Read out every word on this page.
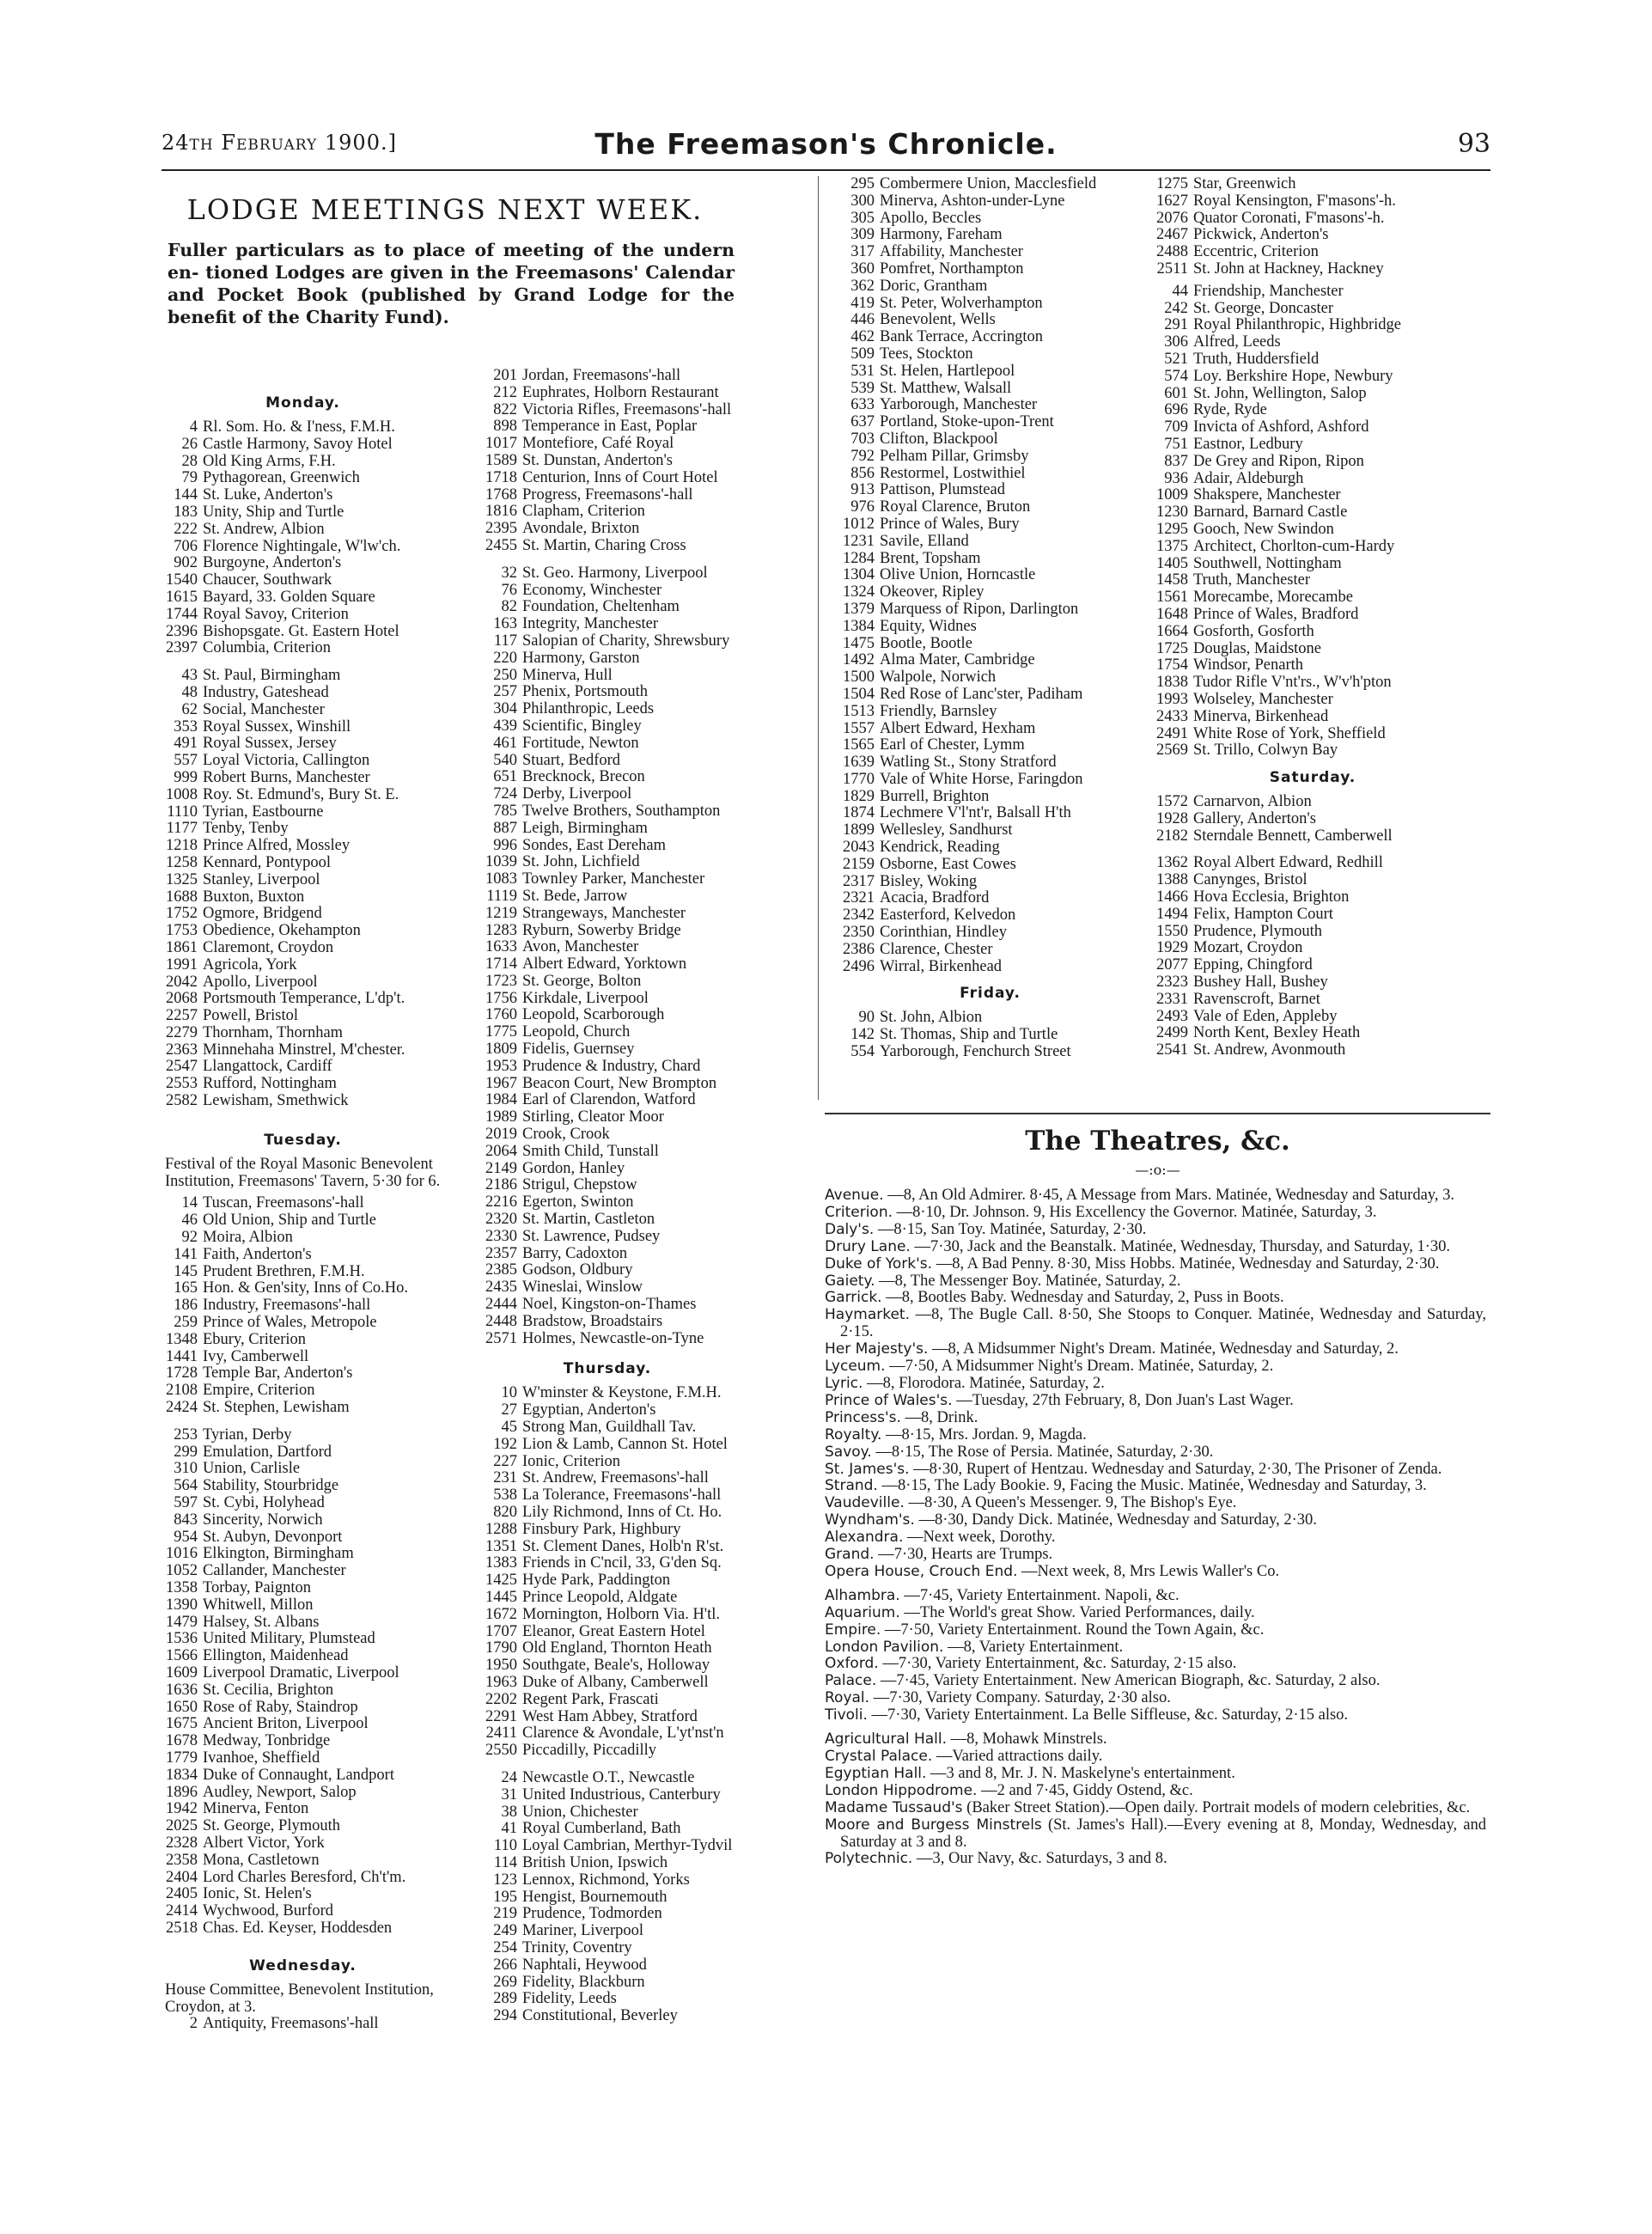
24th February 1900.]	The Freemason's Chronicle.	93
LODGE MEETINGS NEXT WEEK.
Fuller particulars as to place of meeting of the undern en- tioned Lodges are given in the Freemasons' Calendar and Pocket Book (published by Grand Lodge for the benefit of the Charity Fund).
Monday.
4 Rl. Som. Ho. & I'ness, F.M.H.
26 Castle Harmony, Savoy Hotel
28 Old King Arms, F.H.
79 Pythagorean, Greenwich
144 St. Luke, Anderton's
183 Unity, Ship and Turtle
222 St. Andrew, Albion
706 Florence Nightingale, W'lw'ch.
902 Burgoyne, Anderton's
1540 Chaucer, Southwark
1615 Bayard, 33. Golden Square
1744 Royal Savoy, Criterion
2396 Bishopsgate. Gt. Eastern Hotel
2397 Columbia, Criterion
43 St. Paul, Birmingham
48 Industry, Gateshead
62 Social, Manchester
353 Royal Sussex, Winshill
491 Royal Sussex, Jersey
557 Loyal Victoria, Callington
999 Robert Burns, Manchester
1008 Roy. St. Edmund's, Bury St. E.
1110 Tyrian, Eastbourne
1177 Tenby, Tenby
1218 Prince Alfred, Mossley
1258 Kennard, Pontypool
1325 Stanley, Liverpool
1688 Buxton, Buxton
1752 Ogmore, Bridgend
1753 Obedience, Okehampton
1861 Claremont, Croydon
1991 Agricola, York
2042 Apollo, Liverpool
2068 Portsmouth Temperance, L'dp't.
2257 Powell, Bristol
2279 Thornham, Thornham
2363 Minnehaha Minstrel, M'chester.
2547 Llangattock, Cardiff
2553 Rufford, Nottingham
2582 Lewisham, Smethwick
Tuesday.
Festival of the Royal Masonic Benevolent Institution, Freemasons' Tavern, 5·30 for 6.
14 Tuscan, Freemasons'-hall
46 Old Union, Ship and Turtle
92 Moira, Albion
141 Faith, Anderton's
145 Prudent Brethren, F.M.H.
165 Hon. & Gen'sity, Inns of Co.Ho.
186 Industry, Freemasons'-hall
259 Prince of Wales, Metropole
1348 Ebury, Criterion
1441 Ivy, Camberwell
1728 Temple Bar, Anderton's
2108 Empire, Criterion
2424 St. Stephen, Lewisham
253 Tyrian, Derby
299 Emulation, Dartford
310 Union, Carlisle
564 Stability, Stourbridge
597 St. Cybi, Holyhead
843 Sincerity, Norwich
954 St. Aubyn, Devonport
1016 Elkington, Birmingham
1052 Callander, Manchester
1358 Torbay, Paignton
1390 Whitwell, Millon
1479 Halsey, St. Albans
1536 United Military, Plumstead
1566 Ellington, Maidenhead
1609 Liverpool Dramatic, Liverpool
1636 St. Cecilia, Brighton
1650 Rose of Raby, Staindrop
1675 Ancient Briton, Liverpool
1678 Medway, Tonbridge
1779 Ivanhoe, Sheffield
1834 Duke of Connaught, Landport
1896 Audley, Newport, Salop
1942 Minerva, Fenton
2025 St. George, Plymouth
2328 Albert Victor, York
2358 Mona, Castletown
2404 Lord Charles Beresford, Ch't'm.
2405 Ionic, St. Helen's
2414 Wychwood, Burford
2518 Chas. Ed. Keyser, Hoddesden
Wednesday.
House Committee, Benevolent Institution, Croydon, at 3.
2 Antiquity, Freemasons'-hall
201 Jordan, Freemasons'-hall
212 Euphrates, Holborn Restaurant
822 Victoria Rifles, Freemasons'-hall
898 Temperance in East, Poplar
1017 Montefiore, Café Royal
1589 St. Dunstan, Anderton's
1718 Centurion, Inns of Court Hotel
1768 Progress, Freemasons'-hall
1816 Clapham, Criterion
2395 Avondale, Brixton
2455 St. Martin, Charing Cross
32 St. Geo. Harmony, Liverpool
76 Economy, Winchester
82 Foundation, Cheltenham
163 Integrity, Manchester
117 Salopian of Charity, Shrewsbury
220 Harmony, Garston
250 Minerva, Hull
257 Phenix, Portsmouth
304 Philanthropic, Leeds
439 Scientific, Bingley
461 Fortitude, Newton
540 Stuart, Bedford
651 Brecknock, Brecon
724 Derby, Liverpool
785 Twelve Brothers, Southampton
887 Leigh, Birmingham
996 Sondes, East Dereham
1039 St. John, Lichfield
1083 Townley Parker, Manchester
1119 St. Bede, Jarrow
1219 Strangeways, Manchester
1283 Ryburn, Sowerby Bridge
1633 Avon, Manchester
1714 Albert Edward, Yorktown
1723 St. George, Bolton
1756 Kirkdale, Liverpool
1760 Leopold, Scarborough
1775 Leopold, Church
1809 Fidelis, Guernsey
1953 Prudence & Industry, Chard
1967 Beacon Court, New Brompton
1984 Earl of Clarendon, Watford
1989 Stirling, Cleator Moor
2019 Crook, Crook
2064 Smith Child, Tunstall
2149 Gordon, Hanley
2186 Strigul, Chepstow
2216 Egerton, Swinton
2320 St. Martin, Castleton
2330 St. Lawrence, Pudsey
2357 Barry, Cadoxton
2385 Godson, Oldbury
2435 Wineslai, Winslow
2444 Noel, Kingston-on-Thames
2448 Bradstow, Broadstairs
2571 Holmes, Newcastle-on-Tyne
Thursday.
10 W'minster & Keystone, F.M.H.
27 Egyptian, Anderton's
45 Strong Man, Guildhall Tav.
192 Lion & Lamb, Cannon St. Hotel
227 Ionic, Criterion
231 St. Andrew, Freemasons'-hall
538 La Tolerance, Freemasons'-hall
820 Lily Richmond, Inns of Ct. Ho.
1288 Finsbury Park, Highbury
1351 St. Clement Danes, Holb'n R'st.
1383 Friends in C'ncil, 33, G'den Sq.
1425 Hyde Park, Paddington
1445 Prince Leopold, Aldgate
1672 Mornington, Holborn Via. H'tl.
1707 Eleanor, Great Eastern Hotel
1790 Old England, Thornton Heath
1950 Southgate, Beale's, Holloway
1963 Duke of Albany, Camberwell
2202 Regent Park, Frascati
2291 West Ham Abbey, Stratford
2411 Clarence & Avondale, L'yt'nst'n
2550 Piccadilly, Piccadilly
24 Newcastle O.T., Newcastle
31 United Industrious, Canterbury
38 Union, Chichester
41 Royal Cumberland, Bath
110 Loyal Cambrian, Merthyr-Tydvil
114 British Union, Ipswich
123 Lennox, Richmond, Yorks
195 Hengist, Bournemouth
219 Prudence, Todmorden
249 Mariner, Liverpool
254 Trinity, Coventry
266 Naphtali, Heywood
269 Fidelity, Blackburn
289 Fidelity, Leeds
294 Constitutional, Beverley
295 Combermere Union, Macclesfield
300 Minerva, Ashton-under-Lyne
305 Apollo, Beccles
309 Harmony, Fareham
317 Affability, Manchester
360 Pomfret, Northampton
362 Doric, Grantham
419 St. Peter, Wolverhampton
446 Benevolent, Wells
462 Bank Terrace, Accrington
509 Tees, Stockton
531 St. Helen, Hartlepool
539 St. Matthew, Walsall
633 Yarborough, Manchester
637 Portland, Stoke-upon-Trent
703 Clifton, Blackpool
792 Pelham Pillar, Grimsby
856 Restormel, Lostwithiel
913 Pattison, Plumstead
976 Royal Clarence, Bruton
1012 Prince of Wales, Bury
1231 Savile, Elland
1284 Brent, Topsham
1304 Olive Union, Horncastle
1324 Okeover, Ripley
1379 Marquess of Ripon, Darlington
1384 Equity, Widnes
1475 Bootle, Bootle
1492 Alma Mater, Cambridge
1500 Walpole, Norwich
1504 Red Rose of Lanc'ster, Padiham
1513 Friendly, Barnsley
1557 Albert Edward, Hexham
1565 Earl of Chester, Lymm
1639 Watling St., Stony Stratford
1770 Vale of White Horse, Faringdon
1829 Burrell, Brighton
1874 Lechmere V'l'nt'r, Balsall H'th
1899 Wellesley, Sandhurst
2043 Kendrick, Reading
2159 Osborne, East Cowes
2317 Bisley, Woking
2321 Acacia, Bradford
2342 Easterford, Kelvedon
2350 Corinthian, Hindley
2386 Clarence, Chester
2496 Wirral, Birkenhead
Friday.
90 St. John, Albion
142 St. Thomas, Ship and Turtle
554 Yarborough, Fenchurch Street
1275 Star, Greenwich
1627 Royal Kensington, F'masons'-h.
2076 Quator Coronati, F'masons'-h.
2467 Pickwick, Anderton's
2488 Eccentric, Criterion
2511 St. John at Hackney, Hackney
44 Friendship, Manchester
242 St. George, Doncaster
291 Royal Philanthropic, Highbridge
306 Alfred, Leeds
521 Truth, Huddersfield
574 Loy. Berkshire Hope, Newbury
601 St. John, Wellington, Salop
696 Ryde, Ryde
709 Invicta of Ashford, Ashford
751 Eastnor, Ledbury
837 De Grey and Ripon, Ripon
936 Adair, Aldeburgh
1009 Shakspere, Manchester
1230 Barnard, Barnard Castle
1295 Gooch, New Swindon
1375 Architect, Chorlton-cum-Hardy
1405 Southwell, Nottingham
1458 Truth, Manchester
1561 Morecambe, Morecambe
1648 Prince of Wales, Bradford
1664 Gosforth, Gosforth
1725 Douglas, Maidstone
1754 Windsor, Penarth
1838 Tudor Rifle V'nt'rs., W'v'h'pton
1993 Wolseley, Manchester
2433 Minerva, Birkenhead
2491 White Rose of York, Sheffield
2569 St. Trillo, Colwyn Bay
Saturday.
1572 Carnarvon, Albion
1928 Gallery, Anderton's
2182 Sterndale Bennett, Camberwell
1362 Royal Albert Edward, Redhill
1388 Canynges, Bristol
1466 Hova Ecclesia, Brighton
1494 Felix, Hampton Court
1550 Prudence, Plymouth
1929 Mozart, Croydon
2077 Epping, Chingford
2323 Bushey Hall, Bushey
2331 Ravenscroft, Barnet
2493 Vale of Eden, Appleby
2499 North Kent, Bexley Heath
2541 St. Andrew, Avonmouth
The Theatres, &c.
—:o:—
Avenue. —8, An Old Admirer. 8·45, A Message from Mars. Matinée, Wednesday and Saturday, 3.
Criterion. —8·10, Dr. Johnson. 9, His Excellency the Governor. Matinée, Saturday, 3.
Daly's. —8·15, San Toy. Matinée, Saturday, 2·30.
Drury Lane. —7·30, Jack and the Beanstalk. Matinée, Wednesday, Thursday, and Saturday, 1·30.
Duke of York's. —8, A Bad Penny. 8·30, Miss Hobbs. Matinée, Wednesday and Saturday, 2·30.
Gaiety. —8, The Messenger Boy. Matinée, Saturday, 2.
Garrick. —8, Bootles Baby. Wednesday and Saturday, 2, Puss in Boots.
Haymarket. —8, The Bugle Call. 8·50, She Stoops to Conquer. Matinée, Wednesday and Saturday, 2·15.
Her Majesty's. —8, A Midsummer Night's Dream. Matinée, Wednesday and Saturday, 2.
Lyceum. —7·50, A Midsummer Night's Dream. Matinée, Saturday, 2.
Lyric. —8, Florodora. Matinée, Saturday, 2.
Prince of Wales's. —Tuesday, 27th February, 8, Don Juan's Last Wager.
Princess's. —8, Drink.
Royalty. —8·15, Mrs. Jordan. 9, Magda.
Savoy. —8·15, The Rose of Persia. Matinée, Saturday, 2·30.
St. James's. —8·30, Rupert of Hentzau. Wednesday and Saturday, 2·30, The Prisoner of Zenda.
Strand. —8·15, The Lady Bookie. 9, Facing the Music. Matinée, Wednesday and Saturday, 3.
Vaudeville. —8·30, A Queen's Messenger. 9, The Bishop's Eye.
Wyndham's. —8·30, Dandy Dick. Matinée, Wednesday and Saturday, 2·30.
Alexandra. —Next week, Dorothy.
Grand. —7·30, Hearts are Trumps.
Opera House, Crouch End. —Next week, 8, Mrs Lewis Waller's Co.
Alhambra. —7·45, Variety Entertainment. Napoli, &c.
Aquarium. —The World's great Show. Varied Performances, daily.
Empire. —7·50, Variety Entertainment. Round the Town Again, &c.
London Pavilion. —8, Variety Entertainment.
Oxford. —7·30, Variety Entertainment, &c. Saturday, 2·15 also.
Palace. —7·45, Variety Entertainment. New American Biograph, &c. Saturday, 2 also.
Royal. —7·30, Variety Company. Saturday, 2·30 also.
Tivoli. —7·30, Variety Entertainment. La Belle Siffleuse, &c. Saturday, 2·15 also.
Agricultural Hall. —8, Mohawk Minstrels.
Crystal Palace. —Varied attractions daily.
Egyptian Hall. —3 and 8, Mr. J. N. Maskelyne's entertainment.
London Hippodrome. —2 and 7·45, Giddy Ostend, &c.
Madame Tussaud's (Baker Street Station).—Open daily. Portrait models of modern celebrities, &c.
Moore and Burgess Minstrels (St. James's Hall).—Every evening at 8, Monday, Wednesday, and Saturday at 3 and 8.
Polytechnic. —3, Our Navy, &c. Saturdays, 3 and 8.
